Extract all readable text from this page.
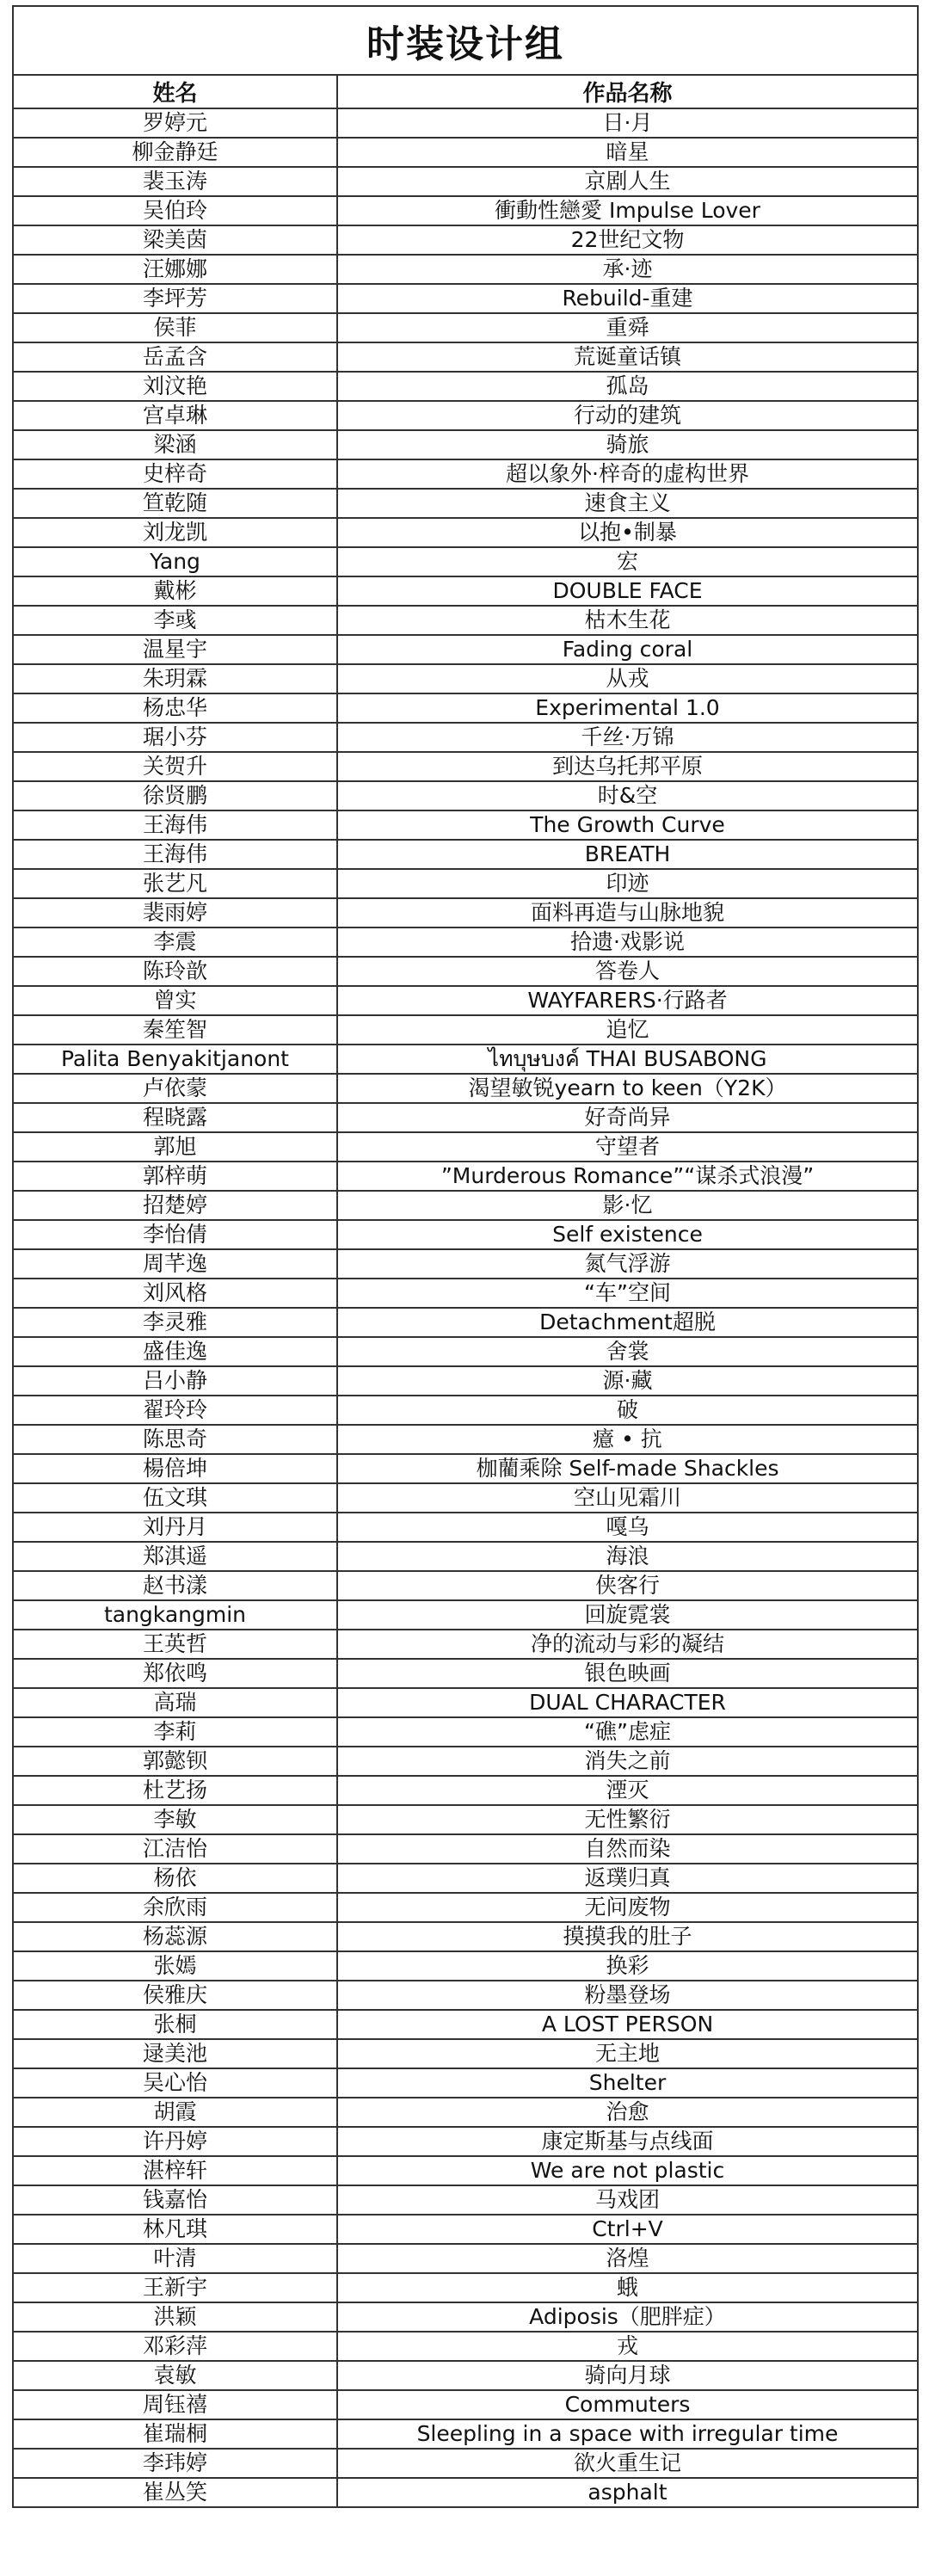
时装设计组	
姓名	作品名称
罗婷元	日·月
柳金静廷	暗星
裴玉涛	京剧人生
吴伯玲	衝動性戀愛 Impulse Lover
梁美茵	22世纪文物
汪娜娜	承·迹
李坪芳	Rebuild-重建
侯菲	重舜
岳孟含	荒诞童话镇
刘汶艳	孤岛
宫卓琳	行动的建筑
梁涵	骑旅
史梓奇	超以象外·梓奇的虚构世界
笪乾随	速食主义
刘龙凯	以抱•制暴
Yang	宏
戴彬	DOUBLE FACE
李彧	枯木生花
温星宇	Fading coral
朱玥霖	从戎
杨忠华	Experimental 1.0
琚小芬	千丝·万锦
关贺升	到达乌托邦平原
徐贤鹏	时&空
王海伟	The Growth Curve
王海伟	BREATH
张艺凡	印迹
裴雨婷	面料再造与山脉地貌
李震	拾遗·戏影说
陈玲歆	答卷人
曾实	WAYFARERS·行路者
秦笙智	追忆
Palita Benyakitjanont	ไทบุษบงค์ THAI BUSABONG
卢依蒙	渴望敏锐yearn to keen（Y2K）
程晓露	好奇尚异
郭旭	守望者
郭梓萌	”Murderous Romance”“谋杀式浪漫”
招楚婷	影·忆
李怡倩	Self existence
周芊逸	氮气浮游
刘风格	“车”空间
李灵雅	Detachment超脱
盛佳逸	舍裳
吕小静	源·藏
翟玲玲	破
陈思奇	癔 • 抗
楊倍坤	枷藺乘除 Self-made Shackles
伍文琪	空山见霜川
刘丹月	嘎乌
郑淇遥	海浪
赵书漾	侠客行
tangkangmin	回旋霓裳
王英哲	净的流动与彩的凝结
郑依鸣	银色映画
高瑞	DUAL CHARACTER
李莉	“礁”虑症
郭懿钡	消失之前
杜艺扬	湮灭
李敏	无性繁衍
江洁怡	自然而染
杨依	返璞归真
余欣雨	无问废物
杨蕊源	摸摸我的肚子
张嫣	换彩
侯雅庆	粉墨登场
张桐	A LOST PERSON
逯美池	无主地
吴心怡	Shelter
胡霞	治愈
许丹婷	康定斯基与点线面
湛梓轩	We are not plastic
钱嘉怡	马戏团
林凡琪	Ctrl+V
叶清	洛煌
王新宇	蛾
洪颖	Adiposis（肥胖症）
邓彩萍	戎
袁敏	骑向月球
周钰禧	Commuters
崔瑞桐	Sleepling in a space with irregular time
李玮婷	欲火重生记
崔丛笑	asphalt
